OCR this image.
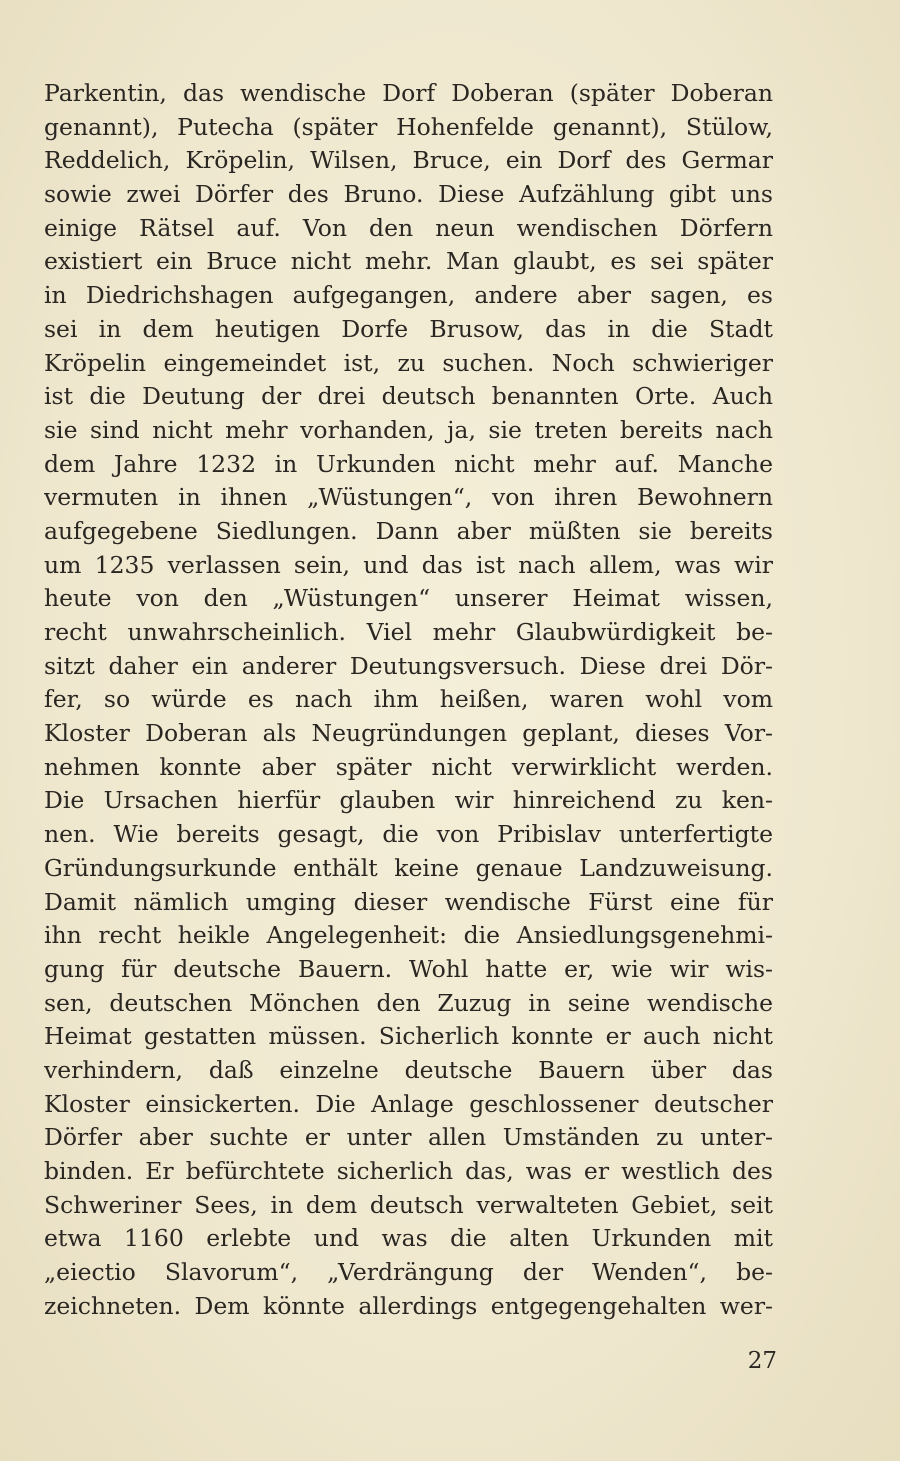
Parkentin, das wendische Dorf Doberan (später Doberan
genannt), Putecha (später Hohenfelde genannt), Stülow,
Reddelich, Kröpelin, Wilsen, Bruce, ein Dorf des Germar
sowie zwei Dörfer des Bruno. Diese Aufzählung gibt uns
einige Rätsel auf. Von den neun wendischen Dörfern
existiert ein Bruce nicht mehr. Man glaubt, es sei später
in Diedrichshagen aufgegangen, andere aber sagen, es
sei in dem heutigen Dorfe Brusow, das in die Stadt
Kröpelin eingemeindet ist, zu suchen. Noch schwieriger
ist die Deutung der drei deutsch benannten Orte. Auch
sie sind nicht mehr vorhanden, ja, sie treten bereits nach
dem Jahre 1232 in Urkunden nicht mehr auf. Manche
vermuten in ihnen „Wüstungen“, von ihren Bewohnern
aufgegebene Siedlungen. Dann aber müßten sie bereits
um 1235 verlassen sein, und das ist nach allem, was wir
heute von den „Wüstungen“ unserer Heimat wissen,
recht unwahrscheinlich. Viel mehr Glaubwürdigkeit be-
sitzt daher ein anderer Deutungsversuch. Diese drei Dör-
fer, so würde es nach ihm heißen, waren wohl vom
Kloster Doberan als Neugründungen geplant, dieses Vor-
nehmen konnte aber später nicht verwirklicht werden.
Die Ursachen hierfür glauben wir hinreichend zu ken-
nen. Wie bereits gesagt, die von Pribislav unterfertigte
Gründungsurkunde enthält keine genaue Landzuweisung.
Damit nämlich umging dieser wendische Fürst eine für
ihn recht heikle Angelegenheit: die Ansiedlungsgenehmi-
gung für deutsche Bauern. Wohl hatte er, wie wir wis-
sen, deutschen Mönchen den Zuzug in seine wendische
Heimat gestatten müssen. Sicherlich konnte er auch nicht
verhindern, daß einzelne deutsche Bauern über das
Kloster einsickerten. Die Anlage geschlossener deutscher
Dörfer aber suchte er unter allen Umständen zu unter-
binden. Er befürchtete sicherlich das, was er westlich des
Schweriner Sees, in dem deutsch verwalteten Gebiet, seit
etwa 1160 erlebte und was die alten Urkunden mit
„eiectio Slavorum“, „Verdrängung der Wenden“, be-
zeichneten. Dem könnte allerdings entgegengehalten wer-
27
